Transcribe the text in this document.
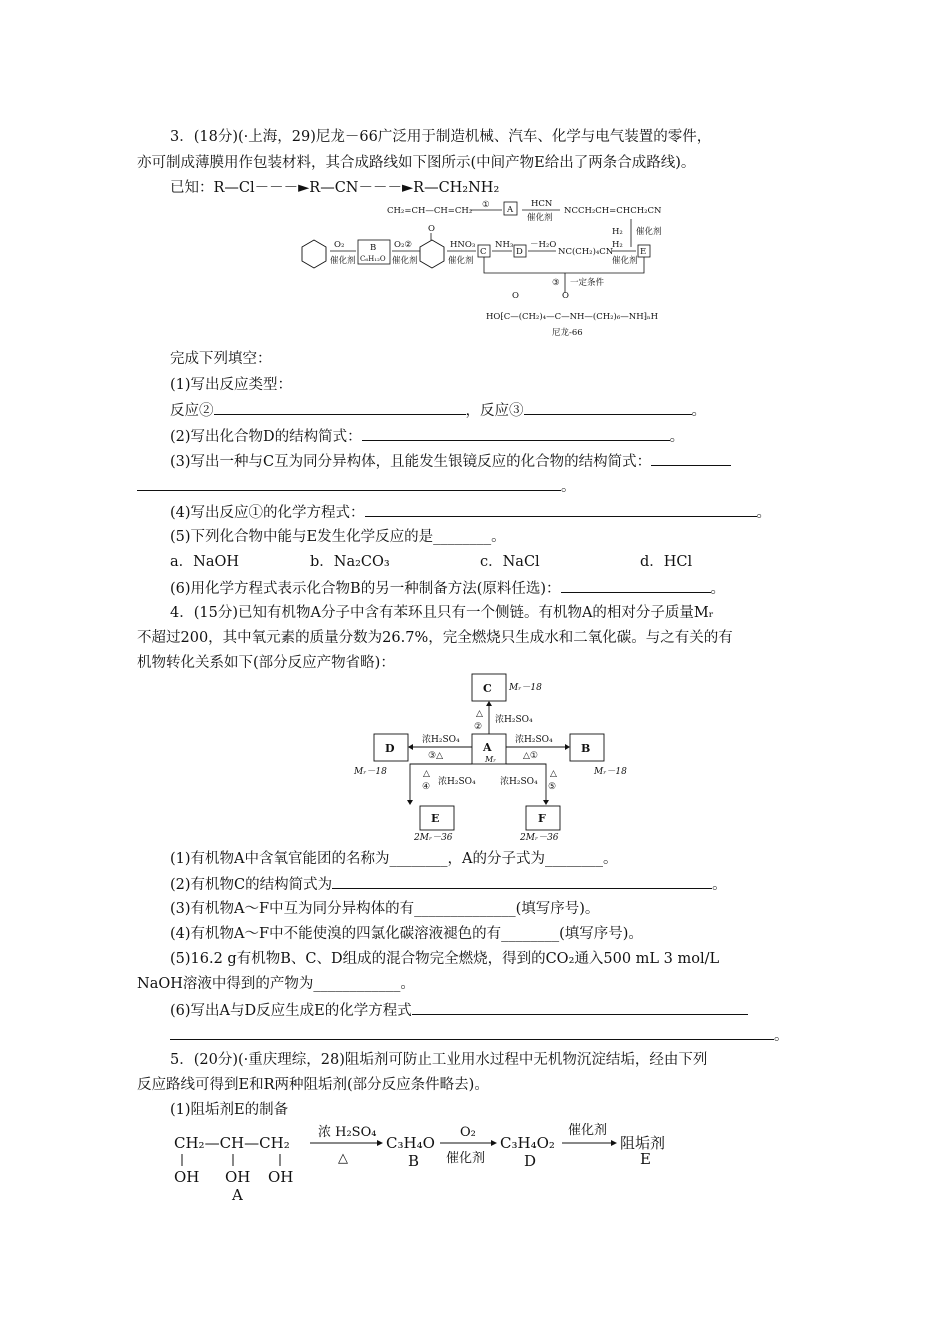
3．(18分)(·上海，29)尼龙－66广泛用于制造机械、汽车、化学与电气装置的零件，
亦可制成薄膜用作包装材料，其合成路线如下图所示(中间产物E给出了两条合成路线)。
已知：R—Cl－－－►R—CN－－－►R—CH₂NH₂
CH₂=CH—CH=CH₂
① A
HCN
催化剂
NCCH₂CH=CHCH₂CN
H₂ 催化剂
O₂
催化剂
B
C₆H₁₂O
O₂②
催化剂
O
HNO₃
催化剂
C
NH₃
D
－H₂O
NC(CH₂)₄CN
催化剂
H₂
E
③ 一定条件
O	O
HO⁅C—(CH₂)₄—C—NH—(CH₂)₆—NH⁆ₙH
尼龙-66
完成下列填空：
(1)写出反应类型：
反应②	，反应③	。
(2)写出化合物D的结构简式：	。
(3)写出一种与C互为同分异构体，且能发生银镜反应的化合物的结构简式：
。
(4)写出反应①的化学方程式：	。
(5)下列化合物中能与E发生化学反应的是________。
a．NaOH	b．Na₂CO₃	c．NaCl	d．HCl
(6)用化学方程式表示化合物B的另一种制备方法(原料任选)：	。
4．(15分)已知有机物A分子中含有苯环且只有一个侧链。有机物A的相对分子质量Mᵣ
不超过200，其中氧元素的质量分数为26.7%，完全燃烧只生成水和二氧化碳。与之有关的有
机物转化关系如下(部分反应产物省略)：
C Mᵣ－18
△
②
浓H₂SO₄
A
Mᵣ
D
Mᵣ－18
浓H₂SO₄
③△
B
Mᵣ－18
浓H₂SO₄
△①
△
④ 浓H₂SO₄
E
2Mᵣ－36
△
⑤
浓H₂SO₄
F
2Mᵣ－36
(1)有机物A中含氧官能团的名称为________，A的分子式为________。
(2)有机物C的结构简式为	。
(3)有机物A～F中互为同分异构体的有______________(填写序号)。
(4)有机物A～F中不能使溴的四氯化碳溶液褪色的有________(填写序号)。
(5)16.2 g有机物B、C、D组成的混合物完全燃烧，得到的CO₂通入500 mL 3 mol/L
NaOH溶液中得到的产物为____________。
(6)写出A与D反应生成E的化学方程式
。
5．(20分)(·重庆理综，28)阻垢剂可防止工业用水过程中无机物沉淀结垢，经由下列
反应路线可得到E和R两种阻垢剂(部分反应条件略去)。
(1)阻垢剂E的制备
CH₂—CH—CH₂
OH OH OH
A
浓 H₂SO₄
△
C₃H₄O
B
O₂
催化剂
C₃H₄O₂
D
催化剂
阻垢剂
E
